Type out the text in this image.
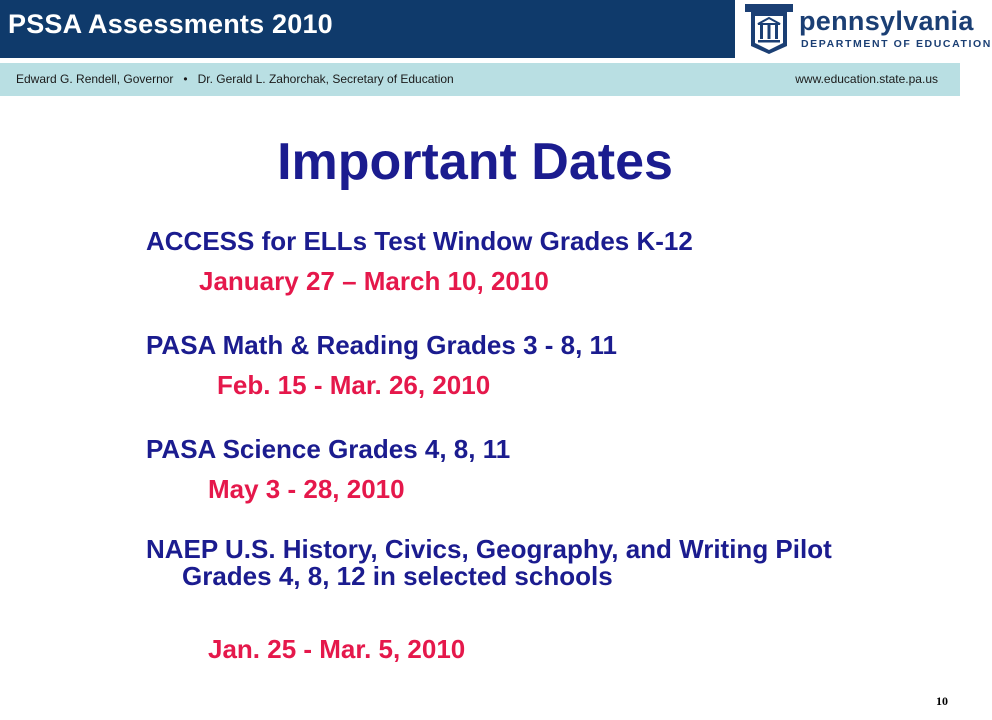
PSSA Assessments 2010	pennsylvania
DEPARTMENT OF EDUCATION
Edward G. Rendell, Governor • Dr. Gerald L. Zahorchak, Secretary of Education	www.education.state.pa.us
Important Dates
ACCESS for ELLs Test Window Grades K-12
January 27 – March 10, 2010
PASA Math & Reading Grades 3 - 8, 11
Feb. 15 - Mar. 26, 2010
PASA Science Grades 4, 8, 11
May 3 - 28, 2010
NAEP U.S. History, Civics, Geography, and Writing Pilot Grades 4, 8, 12 in selected schools
Jan. 25 - Mar. 5, 2010
10
